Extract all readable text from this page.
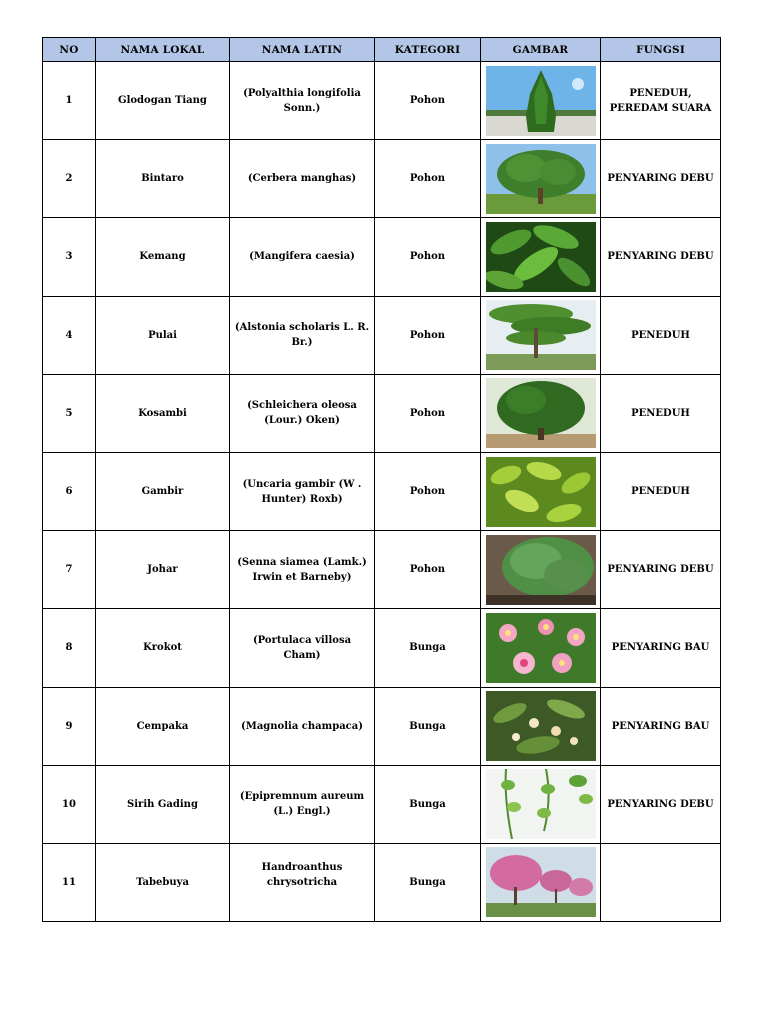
NO	NAMA LOKAL	NAMA LATIN	KATEGORI	GAMBAR	FUNGSI
1	Glodogan Tiang	(Polyalthia longifolia Sonn.)	Pohon		PENEDUH, PEREDAM SUARA
2	Bintaro	(Cerbera manghas)	Pohon		PENYARING DEBU
3	Kemang	(Mangifera caesia)	Pohon		PENYARING DEBU
4	Pulai	(Alstonia scholaris L. R. Br.)	Pohon		PENEDUH
5	Kosambi	(Schleichera oleosa (Lour.) Oken)	Pohon		PENEDUH
6	Gambir	(Uncaria gambir (W . Hunter) Roxb)	Pohon		PENEDUH
7	Johar	(Senna siamea (Lamk.) Irwin et Barneby)	Pohon		PENYARING DEBU
8	Krokot	(Portulaca villosa Cham)	Bunga		PENYARING BAU
9	Cempaka	(Magnolia champaca)	Bunga		PENYARING BAU
10	Sirih Gading	(Epipremnum aureum (L.) Engl.)	Bunga		PENYARING DEBU
11	Tabebuya	Handroanthus chrysotricha	Bunga	
